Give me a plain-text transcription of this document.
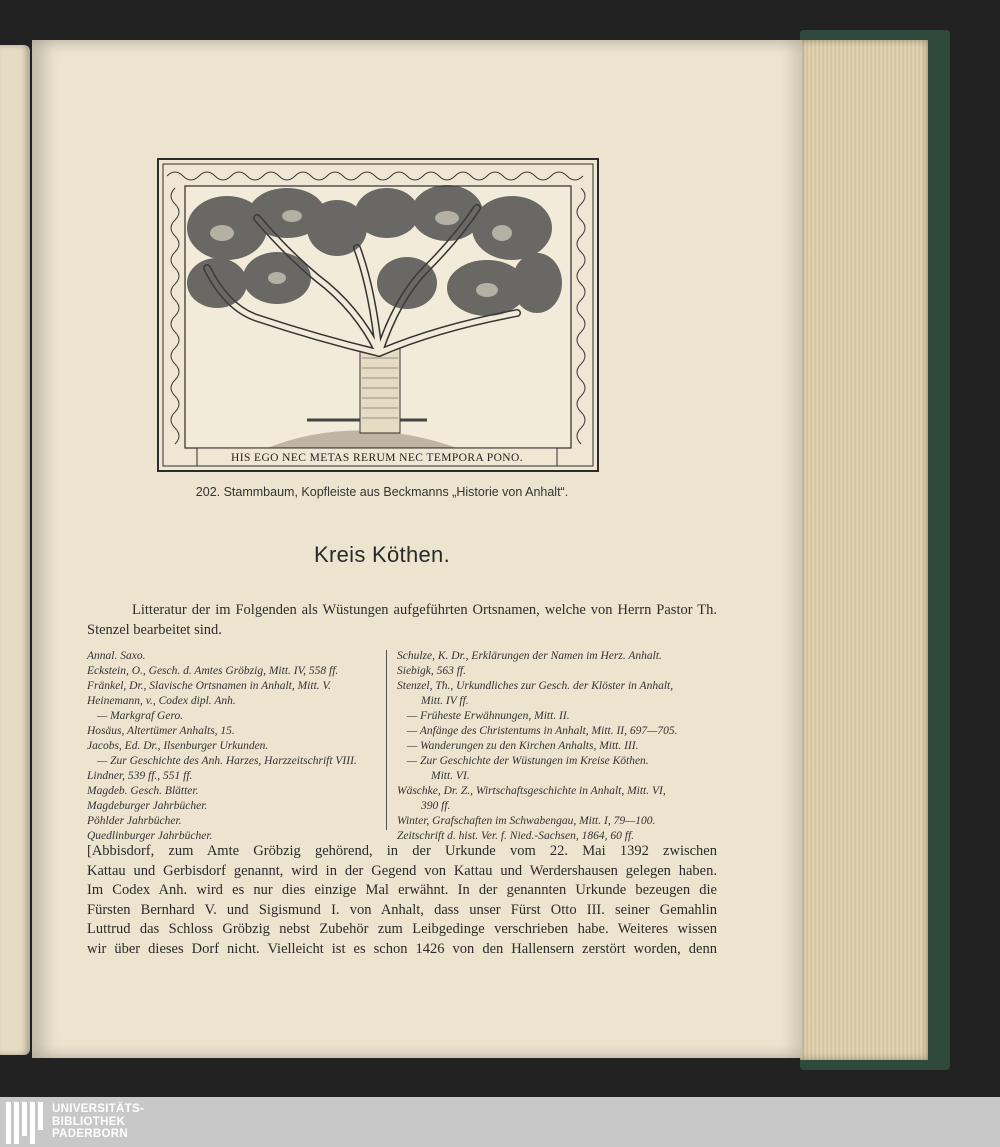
HIS EGO NEC METAS RERUM NEC TEMPORA PONO.
202. Stammbaum, Kopfleiste aus Beckmanns „Historie von Anhalt“.
Kreis Köthen.
Litteratur der im Folgenden als Wüstungen aufgeführten Ortsnamen, welche von Herrn Pastor Th. Stenzel bearbeitet sind.
Annal. Saxo.
Eckstein, O., Gesch. d. Amtes Gröbzig, Mitt. IV, 558 ff.
Fränkel, Dr., Slavische Ortsnamen in Anhalt, Mitt. V.
Heinemann, v., Codex dipl. Anh.
— Markgraf Gero.
Hosäus, Altertümer Anhalts, 15.
Jacobs, Ed. Dr., Ilsenburger Urkunden.
— Zur Geschichte des Anh. Harzes, Harzzeitschrift VIII.
Lindner, 539 ff., 551 ff.
Magdeb. Gesch. Blätter.
Magdeburger Jahrbücher.
Pöhlder Jahrbücher.
Quedlinburger Jahrbücher.
Schulze, K. Dr., Erklärungen der Namen im Herz. Anhalt.
Siebigk, 563 ff.
Stenzel, Th., Urkundliches zur Gesch. der Klöster in Anhalt,
Mitt. IV ff.
— Früheste Erwähnungen, Mitt. II.
— Anfänge des Christentums in Anhalt, Mitt. II, 697—705.
— Wanderungen zu den Kirchen Anhalts, Mitt. III.
— Zur Geschichte der Wüstungen im Kreise Köthen.
Mitt. VI.
Wäschke, Dr. Z., Wirtschaftsgeschichte in Anhalt, Mitt. VI,
390 ff.
Winter, Grafschaften im Schwabengau, Mitt. I, 79—100.
Zeitschrift d. hist. Ver. f. Nied.-Sachsen, 1864, 60 ff.
[Abbisdorf, zum Amte Gröbzig gehörend, in der Urkunde vom 22. Mai 1392 zwischen
Kattau und Gerbisdorf genannt, wird in der Gegend von Kattau und Werdershausen gelegen haben.
Im Codex Anh. wird es nur dies einzige Mal erwähnt. In der genannten Urkunde bezeugen die
Fürsten Bernhard V. und Sigismund I. von Anhalt, dass unser Fürst Otto III. seiner Gemahlin
Luttrud das Schloss Gröbzig nebst Zubehör zum Leibgedinge verschrieben habe. Weiteres wissen
wir über dieses Dorf nicht. Vielleicht ist es schon 1426 von den Hallensern zerstört worden, denn
UNIVERSITÄTS-
BIBLIOTHEK
PADERBORN
